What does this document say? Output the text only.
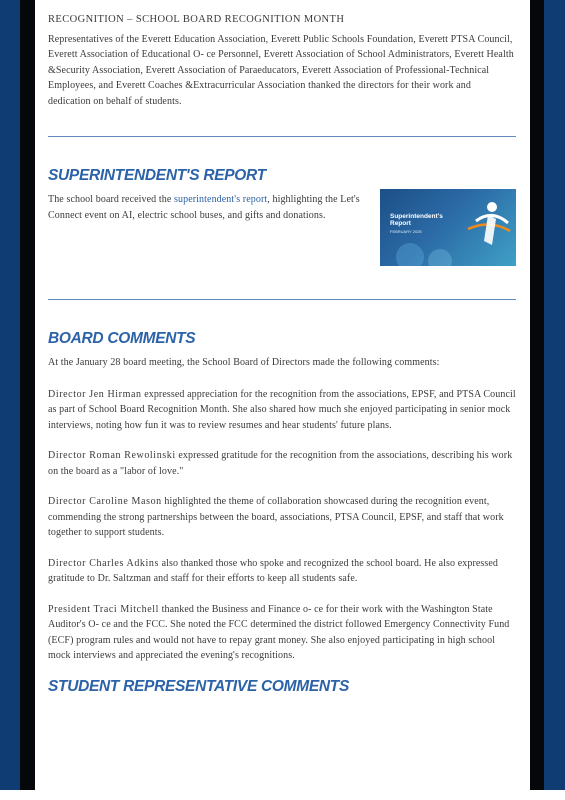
RECOGNITION – SCHOOL BOARD RECOGNITION MONTH

Representatives of the Everett Education Association, Everett Public Schools Foundation, Everett PTSA Council, Everett Association of Educational O- ce Personnel, Everett Association of School Administrators, Everett Health &Security Association, Everett Association of Paraeducators, Everett Association of Professional-Technical Employees, and Everett Coaches &Extracurricular Association thanked the directors for their work and dedication on behalf of students.

SUPERINTENDENT'S REPORT

The school board received the superintendent's report, highlighting the Let's Connect event on AI, electric school buses, and gifts and donations.	Superintendent's
Report
FEBRUARY 2025
BOARD COMMENTS

At the January 28 board meeting, the School Board of Directors made the following comments:

Director Jen Hirman expressed appreciation for the recognition from the associations, EPSF, and PTSA Council as part of School Board Recognition Month. She also shared how much she enjoyed participating in senior mock interviews, noting how fun it was to review resumes and hear students' future plans.

Director Roman Rewolinski expressed gratitude for the recognition from the associations, describing his work on the board as a "labor of love."

Director Caroline Mason highlighted the theme of collaboration showcased during the recognition event, commending the strong partnerships between the board, associations, PTSA Council, EPSF, and staff that work together to support students.

Director Charles Adkins also thanked those who spoke and recognized the school board. He also expressed gratitude to Dr. Saltzman and staff for their efforts to keep all students safe.

President Traci Mitchell thanked the Business and Finance o- ce for their work with the Washington State Auditor's O- ce and the FCC. She noted the FCC determined the district followed Emergency Connectivity Fund (ECF) program rules and would not have to repay grant money. She also enjoyed participating in high school mock interviews and appreciated the evening's recognitions.

STUDENT REPRESENTATIVE COMMENTS
